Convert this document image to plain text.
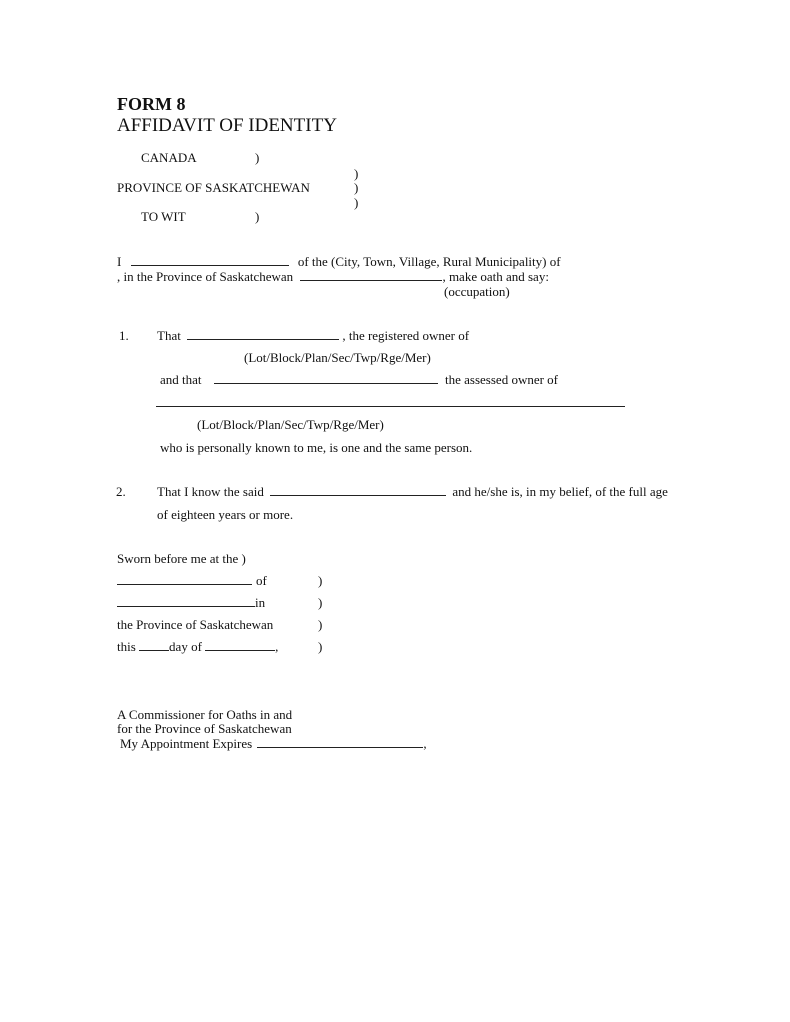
FORM 8
AFFIDAVIT OF IDENTITY
CANADA	)
)
PROVINCE OF SASKATCHEWAN	)
)
TO WIT	)
I	of the (City, Town, Village, Rural Municipality) of
, in the Province of Saskatchewan	, make oath and say:
(occupation)
1. That	, the registered owner of
(Lot/Block/Plan/Sec/Twp/Rge/Mer)
and that	the assessed owner of
(Lot/Block/Plan/Sec/Twp/Rge/Mer)
who is personally known to me, is one and the same person.
2. That I know the said	and he/she is, in my belief, of the full age
of eighteen years or more.
Sworn before me at the )
of	)
in	)
the Province of Saskatchewan	)
this	day of	,	)
A Commissioner for Oaths in and
for the Province of Saskatchewan
My Appointment Expires	,
